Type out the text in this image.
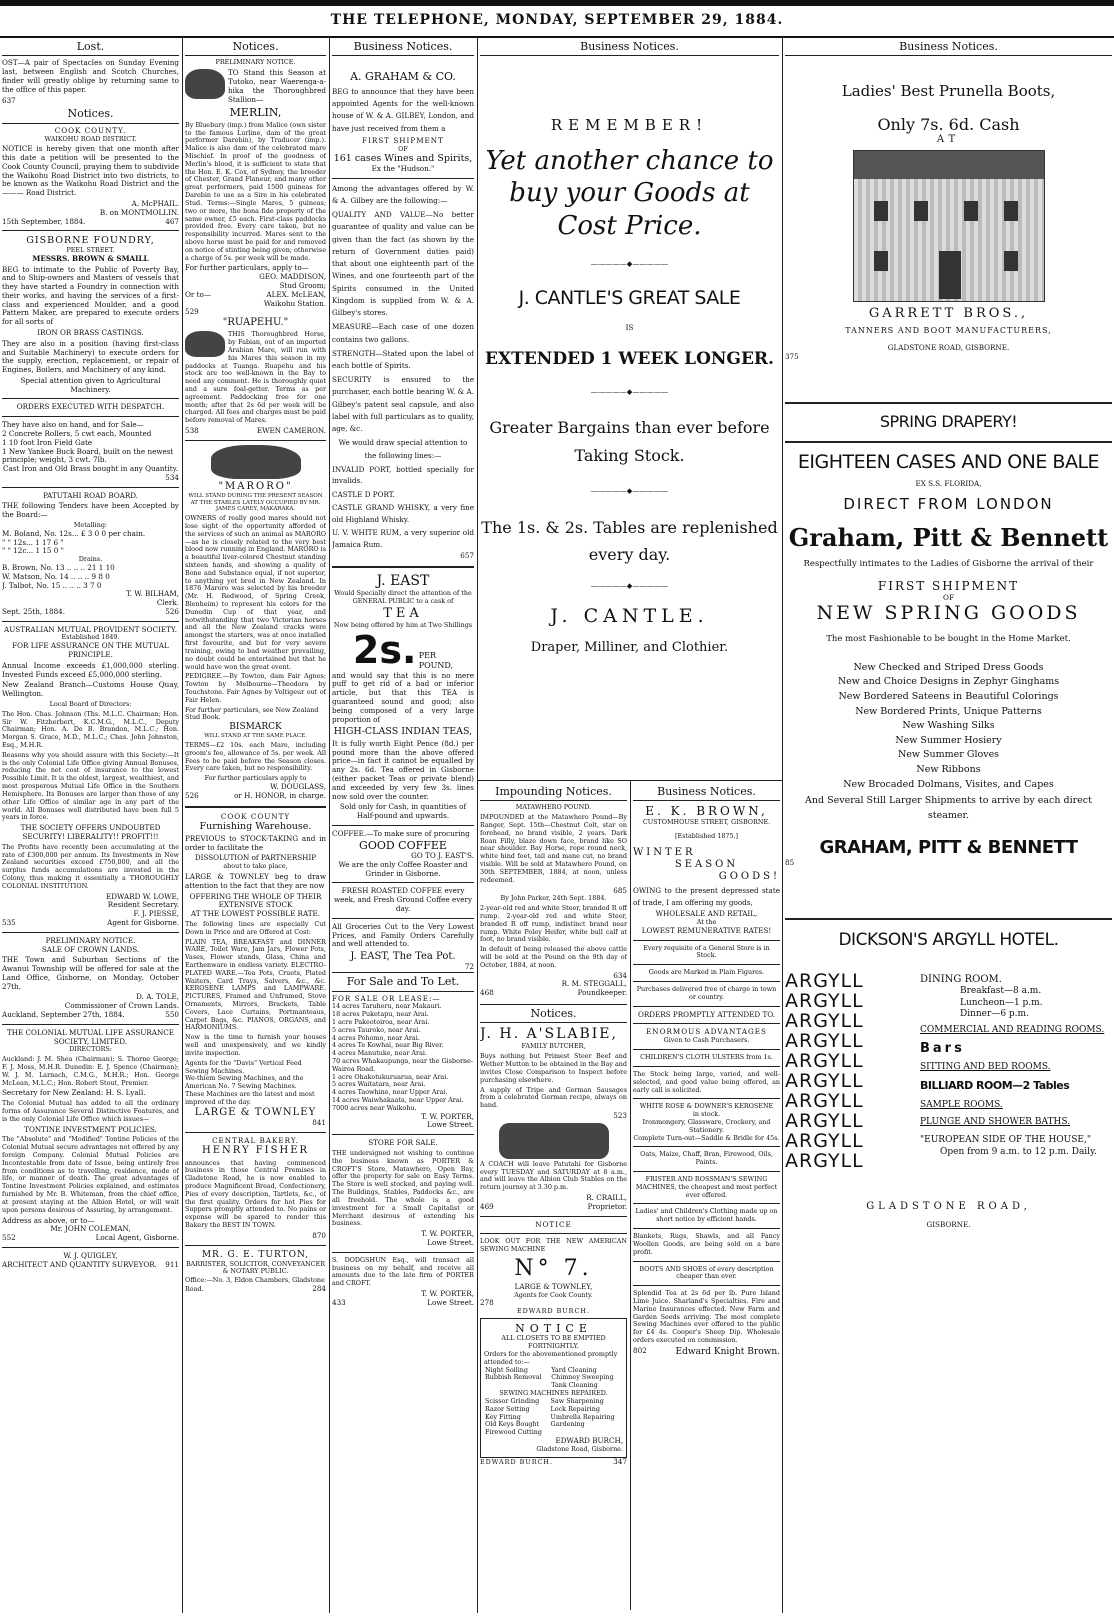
THE TELEPHONE, MONDAY, SEPTEMBER 29, 1884.
Lost.

OST—A pair of Spectacles on Sunday Evening last, between English and Scotch Churches, finder will greatly oblige by returning same to the office of this paper.

637
Notices.
COOK COUNTY.
WAIKOHU ROAD DISTRICT.

NOTICE is hereby given that one month after this date a petition will be presented to the Cook County Council, praying them to subdivide the Waikohu Road District into two districts, to be known as the Waikohu Road District and the ——— Road District.

A. McPHAIL.
B. on MONTMOLLIN.
15th September, 1884.	467
GISBORNE FOUNDRY,
PEEL STREET.
MESSRS. BROWN & SMAILL

BEG to intimate to the Public of Poverty Bay, and to Ship-owners and Masters of vessels that they have started a Foundry in connection with their works, and having the services of a first-class and experienced Moulder, and a good Pattern Maker, are prepared to execute orders for all sorts of

IRON OR BRASS CASTINGS.

They are also in a position (having first-class and Suitable Machinery) to execute orders for the supply, erection, replacement, or repair of Engines, Boilers, and Machinery of any kind.

Special attention given to Agricultural Machinery.
ORDERS EXECUTED WITH DESPATCH.
They have also on hand, and for Sale—
2 Concrete Rollers, 5 cwt each, Mounted
1 10 foot Iron Field Gate
1 New Yankee Buck Board, built on the newest principle; weight, 3 cwt. 7lb.
Cast Iron and Old Brass bought in any Quantity.
534
PATUTAHI ROAD BOARD.

THE following Tenders have been Accepted by the Board:—

Metalling:
M. Boland, No. 12s... £ 3 0 0 per chain.
" " 12s... 1 17 6 "
" " 12c... 1 15 0 "
Drains.
B. Brown, No. 13 .. .. .. 21 1 10
W. Matson, No. 14 .. .. .. 9 8 0
J. Talbot, No. 15 .. .. .. 3 7 0
T. W. BILHAM,
Clerk.
Sept. 25th, 1884.	526
AUSTRALIAN MUTUAL PROVIDENT SOCIETY.
Established 1849.
FOR LIFE ASSURANCE ON THE MUTUAL PRINCIPLE.

Annual Income exceeds £1,000,000 sterling. Invested Funds exceed £5,000,000 sterling.

New Zealand Branch—Customs House Quay, Wellington.

Local Board of Directors:

The Hon. Chas. Johnson (Ths. M.L.C. Chairman; Hon. Sir W. Fitzherbert, K.C.M.G., M.L.C., Deputy Chairman; Hon. A. De B. Brandon, M.L.C.; Hon. Morgan S. Grace, M.D., M.L.C.; Chas. John Johnston, Esq., M.H.R.

Reasons why you should assure with this Society:—It is the only Colonial Life Office giving Annual Bonuses, reducing the net cost of insurance to the lowest Possible Limit. It is the oldest, largest, wealthiest, and most prosperous Mutual Life Office in the Southern Hemisphere. Its Bonuses are larger than those of any other Life Office of similar age in any part of the world. All Bonuses well distributed have been full 5 years in force.

THE SOCIETY OFFERS UNDOUBTED SECURITY! LIBERALITY!! PROFIT!!!

The Profits have recently been accumulating at the rate of £300,000 per annum. Its Investments in New Zealand securities exceed £750,000, and all the surplus funds accumulations are invested in the Colony, thus making it essentially a THOROUGHLY COLONIAL INSTITUTION.

EDWARD W. LOWE,
Resident Secretary.
F. J. PIESSE,
535	Agent for Gisborne.
PRELIMINARY NOTICE.
SALE OF CROWN LANDS.

THE Town and Suburban Sections of the Awanui Township will be offered for sale at the Land Office, Gisborne, on Monday, October 27th.

D. A. TOLE,
Commissioner of Crown Lands.
Auckland, September 27th, 1884.	550
THE COLONIAL MUTUAL LIFE ASSURANCE SOCIETY, LIMITED.
DIRECTORS:

Auckland: J. M. Shea (Chairman); S. Thorne George; F. J. Moss, M.H.R. Dunedin: E. J. Spence (Chairman); W. J. M. Larnach, C.M.G., M.H.R.; Hon. George McLean, M.L.C.; Hon. Robert Stout, Premier.

Secretary for New Zealand: H. S. Lyall.

The Colonial Mutual has added to all the ordinary forms of Assurance Several Distinctive Features, and is the only Colonial Life Office which issues—

TONTINE INVESTMENT POLICIES.

The "Absolute" and "Modified" Tontine Policies of the Colonial Mutual secure advantages not offered by any foreign Company. Colonial Mutual Policies are Incontestable from date of Issue, being entirely free from conditions as to travelling, residence, mode of life, or manner of death. The great advantages of Tontine Investment Policies explained, and estimates furnished by Mr. B. Whiteman, from the chief office, at present staying at the Albion Hotel, or will wait upon persons desirous of Assuring, by arrangement.

Address as above, or to—
Mr. JOHN COLEMAN,
552	Local Agent, Gisborne.
W. J. QUIGLEY,
ARCHITECT AND QUANTITY SURVEYOR. 911
Notices.
PRELIMINARY NOTICE.

TO Stand this Season at Tutoko, near Waerenga-a-hika the Thoroughbred Stallion—

MERLIN,

By Bluebury (imp.) from Malice (own sister to the famous Lurline, dam of the great performer Darebin), by Traducer (imp.). Malice is also dam of the celebrated mare Mischief. In proof of the goodness of Merlin's blood, it is sufficient to state that the Hon. E. K. Cox, of Sydney, the breeder of Chester, Grand Flaneur, and many other great performers, paid 1500 guineas for Darebin to use as a Sire in his celebrated Stud. Terms:—Single Mares, 5 guineas; two or more, the bona fide property of the same owner, £5 each. First-class paddocks provided free. Every care taken, but no responsibility incurred. Mares sent to the above horse must be paid for and removed on notice of stinting being given; otherwise a charge of 5s. per week will be made.

For further particulars, apply to—
GEO. MADDISON,
Stud Groom;
Or to—	ALEX. McLEAN,
Waikohu Station.
529
"RUAPEHU."

THIS Thoroughbred Horse, by Fabian, out of an imported Arabian Mare, will run with his Mares this season in my paddocks at Tuanga. Ruapehu and his stock are too well-known in the Bay to need any comment. He is thoroughly quiet and a sure foal-getter. Terms as per agreement. Paddocking free for one month; after that 2s 6d per week will be charged. All fees and charges must be paid before removal of Mares.

538	EWEN CAMERON.
"MARORO"
WILL STAND DURING THE PRESENT SEASON AT THE STABLES LATELY OCCUPIED BY MR. JAMES CAREY, MAKARAKA.

OWNERS of really good mares should not lose sight of the opportunity afforded of the services of such an animal as MARORO—as he is closely related to the very best blood now running in England. MARORO is a beautiful liver-colored Chestnut standing sixteen hands, and showing a quality of Bone and Substance equal, if not superior, to anything yet bred in New Zealand. In 1876 Maroro was selected by his breeder (Mr. H. Redwood, of Spring Creek, Blenheim) to represent his colors for the Dunedin Cup of that year, and notwithstanding that two Victorian horses and all the New Zealand cracks were amongst the starters, was at once installed first favourite, and but for very severe training, owing to bad weather prevailing, no doubt could be entertained but that he would have won the great event.

PEDIGREE.—By Towton, dam Fair Agnes; Towton by Melbourne—Theodora by Touchstone. Fair Agnes by Voltigeur out of Fair Helen.

For further particulars, see New Zealand Stud Book.
BISMARCK
WILL STAND AT THE SAME PLACE.

TERMS—£2 10s. each Mare, including groom's fee, allowance of 5s. per week. All Fees to be paid before the Season closes. Every care taken, but no responsibility.

For further particulars apply to
W. DOUGLASS,
526	or H. HONOR, in charge.
COOK COUNTY
Furnishing Warehouse.

PREVIOUS to STOCK-TAKING and in order to facilitate the

DISSOLUTION of PARTNERSHIP
about to take place,

LARGE & TOWNLEY beg to draw attention to the fact that they are now

OFFERING THE WHOLE OF THEIR EXTENSIVE STOCK
AT THE LOWEST POSSIBLE RATE.

The following lines are especially Cut Down in Price and are Offered at Cost:

PLAIN TEA, BREAKFAST and DINNER WARE, Toilet Ware, Jam Jars, Flower Pots, Vases, Flower stands, Glass, China and Earthenware in endless variety. ELECTRO-PLATED WARE.—Tea Pots, Cruets, Plated Waiters, Card Trays, Salvers, &c., &c. KEROSENE LAMPS and LAMPWARE. PICTURES, Framed and Unframed, Stove Ornaments, Mirrors, Brackets, Table Covers, Lace Curtains, Portmanteaus, Carpet Bags, &c. PIANOS, ORGANS, and HARMONIUMS.

Now is the time to furnish your houses well and unexpensively, and we kindly invite inspection.

Agents for the "Davis" Vertical Feed Sewing Machines.
We-thiem Sewing Machines, and the American No. 7 Sewing Machines.
These Machines are the latest and most improved of the day.
LARGE & TOWNLEY
841
CENTRAL BAKERY.
HENRY FISHER

announces that having commenced business in those Central Premises in Gladstone Road, he is now enabled to produce Magnificent Bread, Confectionery, Pies of every description, Tartlets, &c., of the first quality. Orders for hot Pies for Suppers promptly attended to. No pains or expense will be spared to render this Bakery the BEST IN TOWN.

870
MR. G. E. TURTON,
BARRISTER, SOLICITOR, CONVEYANCER & NOTARY PUBLIC.
Office:—No. 3, Eldon Chambers, Gladstone Road.	284
Business Notices.
A. GRAHAM & CO.

BEG to announce that they have been appointed Agents for the well-known house of W. & A. GILBEY, London, and have just received from them a

FIRST SHIPMENT
OF
161 cases Wines and Spirits,
Ex the "Hudson."

Among the advantages offered by W. & A. Gilbey are the following:—

QUALITY AND VALUE—No better guarantee of quality and value can be given than the fact (as shown by the return of Government duties paid) that about one eighteenth part of the Wines, and one fourteenth part of the Spirits consumed in the United Kingdom is supplied from W. & A. Gilbey's stores.

MEASURE—Each case of one dozen contains two gallons.

STRENGTH—Stated upon the label of each bottle of Spirits.

SECURITY is ensured to the purchaser, each bottle bearing W. & A. Gilbey's patent seal capsule, and also label with full particulars as to quality, age, &c.

We would draw special attention to the following lines:—

INVALID PORT, bottled specially for invalids.

CASTLE D PORT.

CASTLE GRAND WHISKY, a very fine old Highland Whisky.

U. V. WHITE RUM, a very superior old Jamaica Rum.

657
J. EAST
Would Specially direct the attention of the GENERAL PUBLIC to a cask of
TEA
Now being offered by him at Two Shillings
2s. PER
POUND,

and would say that this is no mere puff to get rid of a bad or inferior article, but that this TEA is guaranteed sound and good; also being composed of a very large proportion of

HIGH-CLASS INDIAN TEAS,

It is fully worth Eight Pence (8d.) per pound more than the above offered price—in fact it cannot be equalled by any 2s. 6d. Tea offered in Gisborne (either packet Teas or private blend) and exceeded by very few 3s. lines now sold over the counter.

Sold only for Cash, in quantities of Half-pound and upwards.
COFFEE.—To make sure of procuring
GOOD COFFEE
GO TO J. EAST'S.
We are the only Coffee Roaster and Grinder in Gisborne.
FRESH ROASTED COFFEE every week, and Fresh Ground Coffee every day.

All Groceries Cut to the Very Lowest Prices, and Family Orders Carefully and well attended to.

J. EAST, The Tea Pot.
72
For Sale and To Let.
FOR SALE OR LEASE:—
14 acres Taruheru, near Makauri.
18 acres Puketapu, near Arai.
1 acre Pakeotoiroa, near Arai.
5 acres Tauroko, near Arai.
4 acres Pohomo, near Arai.
4 acres Te Kowhai, near Big River.
4 acres Manutuke, near Arai.
70 acres Whakaupunga, near the Gisborne-Wairoa Road.
1 acre Ohakotukuruarua, near Arai.
5 acres Waitatara, near Arai.
4 acres Taowhine, near Upper Arai.
14 acres Waiwhakaata, near Upper Arai.
7000 acres near Waikohu.
T. W. PORTER,
Lowe Street.
STORE FOR SALE.

THE undersigned not wishing to continue the business known as PORTER & CROFT'S Store, Matawhero, Open Bay, offer the property for sale on Easy Terms. The Store is well stocked, and paying well. The Buildings, Stables, Paddocks &c., are all freehold. The whole is a good investment for a Small Capitalist or Merchant desirous of extending his business.

T. W. PORTER,
Lowe Street.

S. DODGSHUN Esq., will transact all business on my behalf, and receive all amounts due to the late firm of PORTER and CROFT.

T. W. PORTER,
433	Lowe Street.
Business Notices.
REMEMBER!
Yet another chance to buy your Goods at Cost Price.
—————◆—————
J. CANTLE'S GREAT SALE
IS
EXTENDED 1 WEEK LONGER.
—————◆—————
Greater Bargains than ever before Taking Stock.
—————◆—————
The 1s. & 2s. Tables are replenished every day.
—————◆—————
J. CANTLE.
Draper, Milliner, and Clothier.
Impounding Notices.
MATAWHERO POUND.

IMPOUNDED at the Matawhero Pound—By Ranger, Sept. 15th—Chestnut Colt, star on forehead, no brand visible, 2 years. Dark Roan Filly, blaze down face, brand like SO near shoulder. Bay Horse, rope round neck, white hind feet, tail and mane cut, no brand visible. Will be sold at Matawhero Pound, on 30th SEPTEMBER, 1884, at noon, unless redeemed.

685
By John Parker, 24th Sept. 1884.

2-year-old red and white Steer, branded R off rump. 2-year-old red and white Steer, branded R off rump, indistinct brand near rump. White Poley Heifer, white bull calf at foot, no brand visible.

In default of being released the above cattle will be sold at the Pound on the 9th day of October, 1884, at noon.

634
R. M. STEGGALL,
468	Poundkeeper.
Notices.
J. H. A'SLABIE,
FAMILY BUTCHER,

Buys nothing but Primest Steer Beef and Wether Mutton to be obtained in the Bay and invites Close Comparison to Inspect before purchasing elsewhere.

A supply of Tripe and German Sausages from a celebrated German recipe, always on hand.

523

A COACH will leave Patutahi for Gisborne every TUESDAY and SATURDAY at 8 a.m., and will leave the Albion Club Stables on the return journey at 3.30 p.m.

R. CRAILL,
469	Proprietor.
NOTICE

LOOK OUT FOR THE NEW AMERICAN SEWING MACHINE

N° 7.
LARGE & TOWNLEY,
Agents for Cook County.
278
EDWARD BURCH.
NOTICE
ALL CLOSETS TO BE EMPTIED FORTNIGHTLY.
Orders for the abovementioned promptly attended to:—
Night Soiling
Rubbish Removal

Yard Cleaning
Chimney Sweeping
Tank Cleaning
SEWING MACHINES REPAIRED.
Scissor Grinding
Razor Setting
Key Fitting
Old Keys Bought
Firewood Cutting

Saw Sharpening
Lock Repairing
Umbrella Repairing
Gardening
EDWARD BURCH,
Gladstone Road, Gisborne.
EDWARD BURCH.	347
Business Notices.
E. K. BROWN,
CUSTOMHOUSE STREET, GISBORNE.
[Established 1875.]
WINTER
SEASON
GOODS!

OWING to the present depressed state of trade, I am offering my goods,

WHOLESALE AND RETAIL,
At the
LOWEST REMUNERATIVE RATES!
Every requisite of a General Store is in Stock.
Goods are Marked in Plain Figures.
Purchases delivered free of charge in town or country.
ORDERS PROMPTLY ATTENDED TO.
ENORMOUS ADVANTAGES
Given to Cash Purchasers.
CHILDREN'S CLOTH ULSTERS from 1s.

The Stock being large, varied, and well-selected, and good value being offered, an early call is solicited.

WHITE ROSE & DOWNER'S KEROSENE
in stock.
Ironmongery, Glassware, Crockery, and Stationery.
Complete Turn-out—Saddle & Bridle for 45s.
Oats, Maize, Chaff, Bran, Firewood, Oils, Paints.
FRISTER AND ROSSMAN'S SEWING MACHINES, the cheapest and most perfect ever offered.
Ladies' and Children's Clothing made up on short notice by efficient hands.

Blankets, Rugs, Shawls, and all Fancy Woollen Goods, are being sold on a bare profit.

BOOTS AND SHOES of every description cheaper than ever.

Splendid Tea at 2s 6d per lb. Pure Island Lime Juice. Sharland's Specialties. Fire and Marine Insurances effected. New Farm and Garden Seeds arriving. The most complete Sewing Machines ever offered to the public for £4 4s. Cooper's Sheep Dip. Wholesale orders executed on commission.

802	Edward Knight Brown.
Business Notices.
Ladies' Best Prunella Boots,
Only 7s. 6d. Cash
AT
GARRETT BROS.,
TANNERS AND BOOT MANUFACTURERS,
GLADSTONE ROAD, GISBORNE.
375
SPRING DRAPERY!
EIGHTEEN CASES AND ONE BALE
EX S.S. FLORIDA,
DIRECT FROM LONDON
Graham, Pitt & Bennett
Respectfully intimates to the Ladies of Gisborne the arrival of their
FIRST SHIPMENT
OF
NEW SPRING GOODS
The most Fashionable to be bought in the Home Market.
New Checked and Striped Dress Goods
New and Choice Designs in Zephyr Ginghams
New Bordered Sateens in Beautiful Colorings
New Bordered Prints, Unique Patterns
New Washing Silks
New Summer Hosiery
New Summer Gloves
New Ribbons
New Brocaded Dolmans, Visites, and Capes
And Several Still Larger Shipments to arrive by each direct steamer.
GRAHAM, PITT & BENNETT
85
DICKSON'S ARGYLL HOTEL.
ARGYLL
ARGYLL
ARGYLL
ARGYLL
ARGYLL
ARGYLL
ARGYLL
ARGYLL
ARGYLL
ARGYLL
DINING ROOM.
Breakfast—8 a.m.
Luncheon—1 p.m.
Dinner—6 p.m.
COMMERCIAL AND READING ROOMS.
Bars
SITTING AND BED ROOMS.
BILLIARD ROOM—2 Tables
SAMPLE ROOMS.
PLUNGE AND SHOWER BATHS.
"EUROPEAN SIDE OF THE HOUSE,"
Open from 9 a.m. to 12 p.m. Daily.
GLADSTONE ROAD,
GISBORNE.
